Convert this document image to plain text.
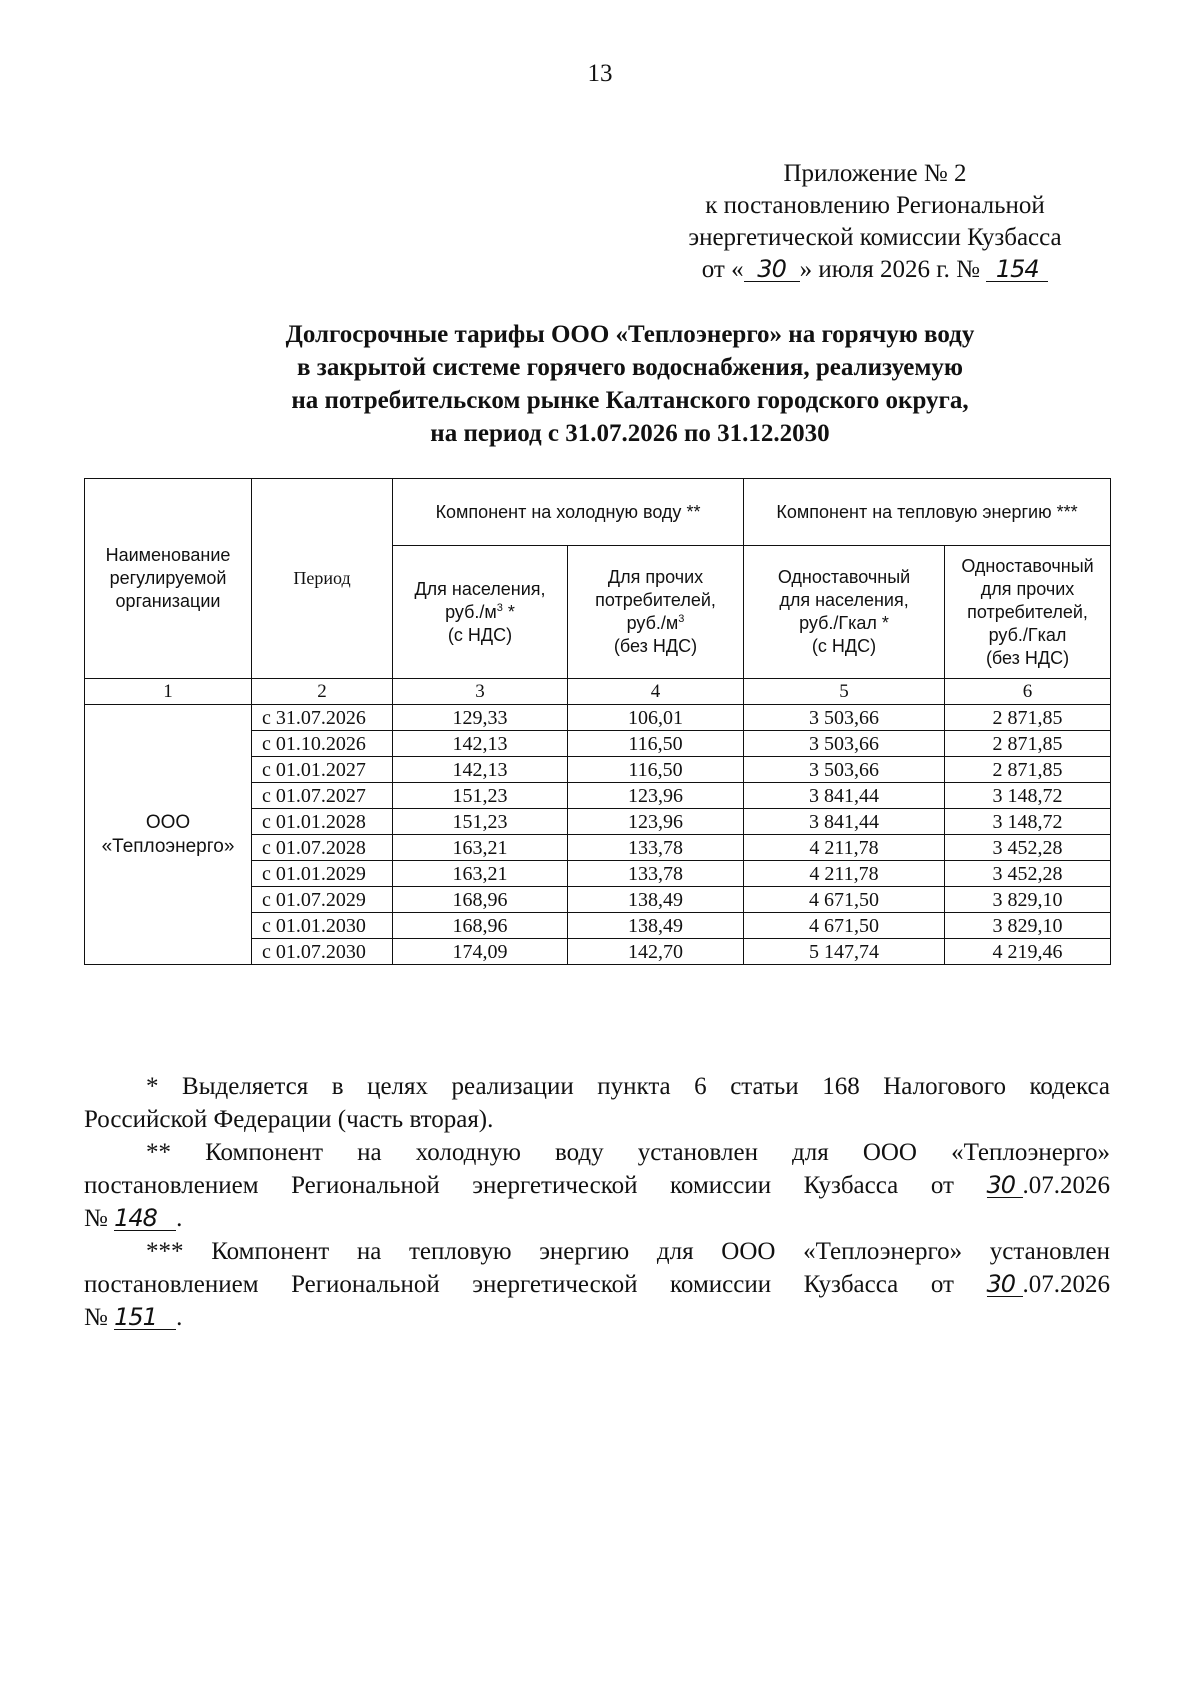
13
Приложение № 2
к постановлению Региональной
энергетической комиссии Кузбасса
от « 30 » июля 2026 г. № 154
Долгосрочные тарифы ООО «Теплоэнерго» на горячую воду
в закрытой системе горячего водоснабжения, реализуемую
на потребительском рынке Калтанского городского округа,
на период с 31.07.2026 по 31.12.2030
Наименование регулируемой организации	Период	Компонент на холодную воду **		Компонент на тепловую энергию ***	
		Для населения,
$руб./м^3$ *
(с НДС)	Для прочих
потребителей,
$руб./м^3$
(без НДС)	Одноставочный
для населения,
руб./Гкал *
(с НДС)	Одноставочный
для прочих
потребителей,
руб./Гкал
(без НДС)
1	2	3	4	5	6
ООО
«Теплоэнерго»	с 31.07.2026	129,33	106,01	3 503,66	2 871,85
	с 01.10.2026	142,13	116,50	3 503,66	2 871,85
	с 01.01.2027	142,13	116,50	3 503,66	2 871,85
	с 01.07.2027	151,23	123,96	3 841,44	3 148,72
	с 01.01.2028	151,23	123,96	3 841,44	3 148,72
	с 01.07.2028	163,21	133,78	4 211,78	3 452,28
	с 01.01.2029	163,21	133,78	4 211,78	3 452,28
	с 01.07.2029	168,96	138,49	4 671,50	3 829,10
	с 01.01.2030	168,96	138,49	4 671,50	3 829,10
	с 01.07.2030	174,09	142,70	5 147,74	4 219,46

* Выделяется в целях реализации пункта 6 статьи 168 Налогового кодекса

Российской Федерации (часть вторая).

** Компонент на холодную воду установлен для ООО «Теплоэнерго»

постановлением Региональной энергетической комиссии Кузбасса от 30 .07.2026

№ 148 .

*** Компонент на тепловую энергию для ООО «Теплоэнерго» установлен

постановлением Региональной энергетической комиссии Кузбасса от 30 .07.2026

№ 151 .
